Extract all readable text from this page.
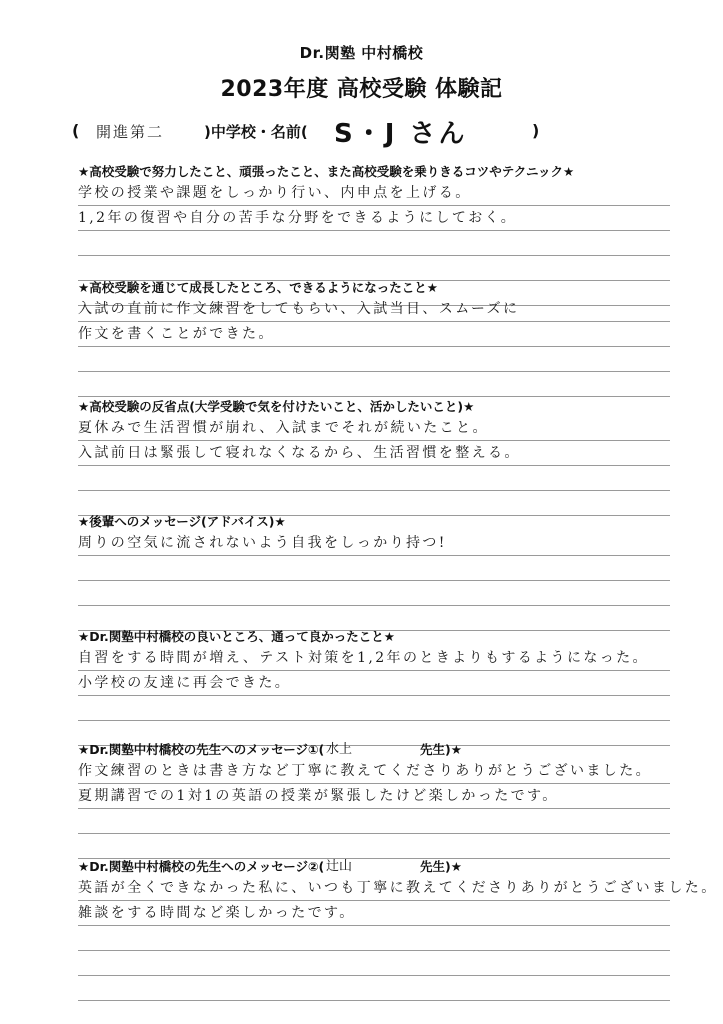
Dr.関塾 中村橋校
2023年度 高校受験 体験記
( 開進第二	)中学校・名前( S・J さん	)
★高校受験で努力したこと、頑張ったこと、また高校受験を乗りきるコツやテクニック★
学校の授業や課題をしっかり行い、内申点を上げる。
1,2年の復習や自分の苦手な分野をできるようにしておく。
★高校受験を通じて成長したところ、できるようになったこと★
入試の直前に作文練習をしてもらい、入試当日、スムーズに
作文を書くことができた。
★高校受験の反省点(大学受験で気を付けたいこと、活かしたいこと)★
夏休みで生活習慣が崩れ、入試までそれが続いたこと。
入試前日は緊張して寝れなくなるから、生活習慣を整える。
★後輩へのメッセージ(アドバイス)★
周りの空気に流されないよう自我をしっかり持つ!
★Dr.関塾中村橋校の良いところ、通って良かったこと★
自習をする時間が増え、テスト対策を1,2年のときよりもするようになった。
小学校の友達に再会できた。
★Dr.関塾中村橋校の先生へのメッセージ①( 水上	先生)★
作文練習のときは書き方など丁寧に教えてくださりありがとうございました。
夏期講習での1対1の英語の授業が緊張したけど楽しかったです。
★Dr.関塾中村橋校の先生へのメッセージ②( 辻山	先生)★
英語が全くできなかった私に、いつも丁寧に教えてくださりありがとうございました。
雑談をする時間など楽しかったです。
